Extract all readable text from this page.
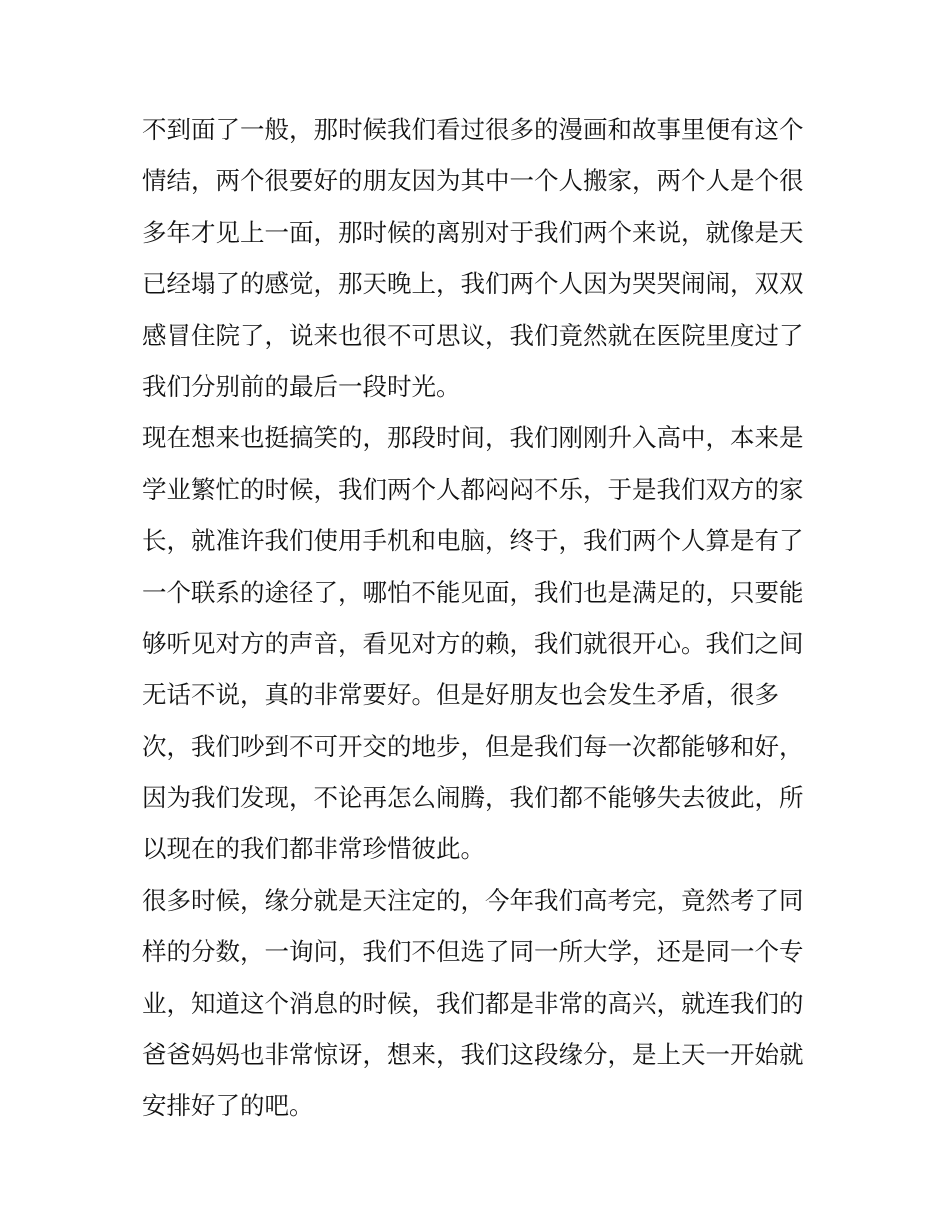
不到面了一般，那时候我们看过很多的漫画和故事里便有这个
情结，两个很要好的朋友因为其中一个人搬家，两个人是个很
多年才见上一面，那时候的离别对于我们两个来说，就像是天
已经塌了的感觉，那天晚上，我们两个人因为哭哭闹闹，双双
感冒住院了，说来也很不可思议，我们竟然就在医院里度过了
我们分别前的最后一段时光。
现在想来也挺搞笑的，那段时间，我们刚刚升入高中，本来是
学业繁忙的时候，我们两个人都闷闷不乐，于是我们双方的家
长，就准许我们使用手机和电脑，终于，我们两个人算是有了
一个联系的途径了，哪怕不能见面，我们也是满足的，只要能
够听见对方的声音，看见对方的赖，我们就很开心。我们之间
无话不说，真的非常要好。但是好朋友也会发生矛盾，很多
次，我们吵到不可开交的地步，但是我们每一次都能够和好，
因为我们发现，不论再怎么闹腾，我们都不能够失去彼此，所
以现在的我们都非常珍惜彼此。
很多时候，缘分就是天注定的，今年我们高考完，竟然考了同
样的分数，一询问，我们不但选了同一所大学，还是同一个专
业，知道这个消息的时候，我们都是非常的高兴，就连我们的
爸爸妈妈也非常惊讶，想来，我们这段缘分，是上天一开始就
安排好了的吧。
